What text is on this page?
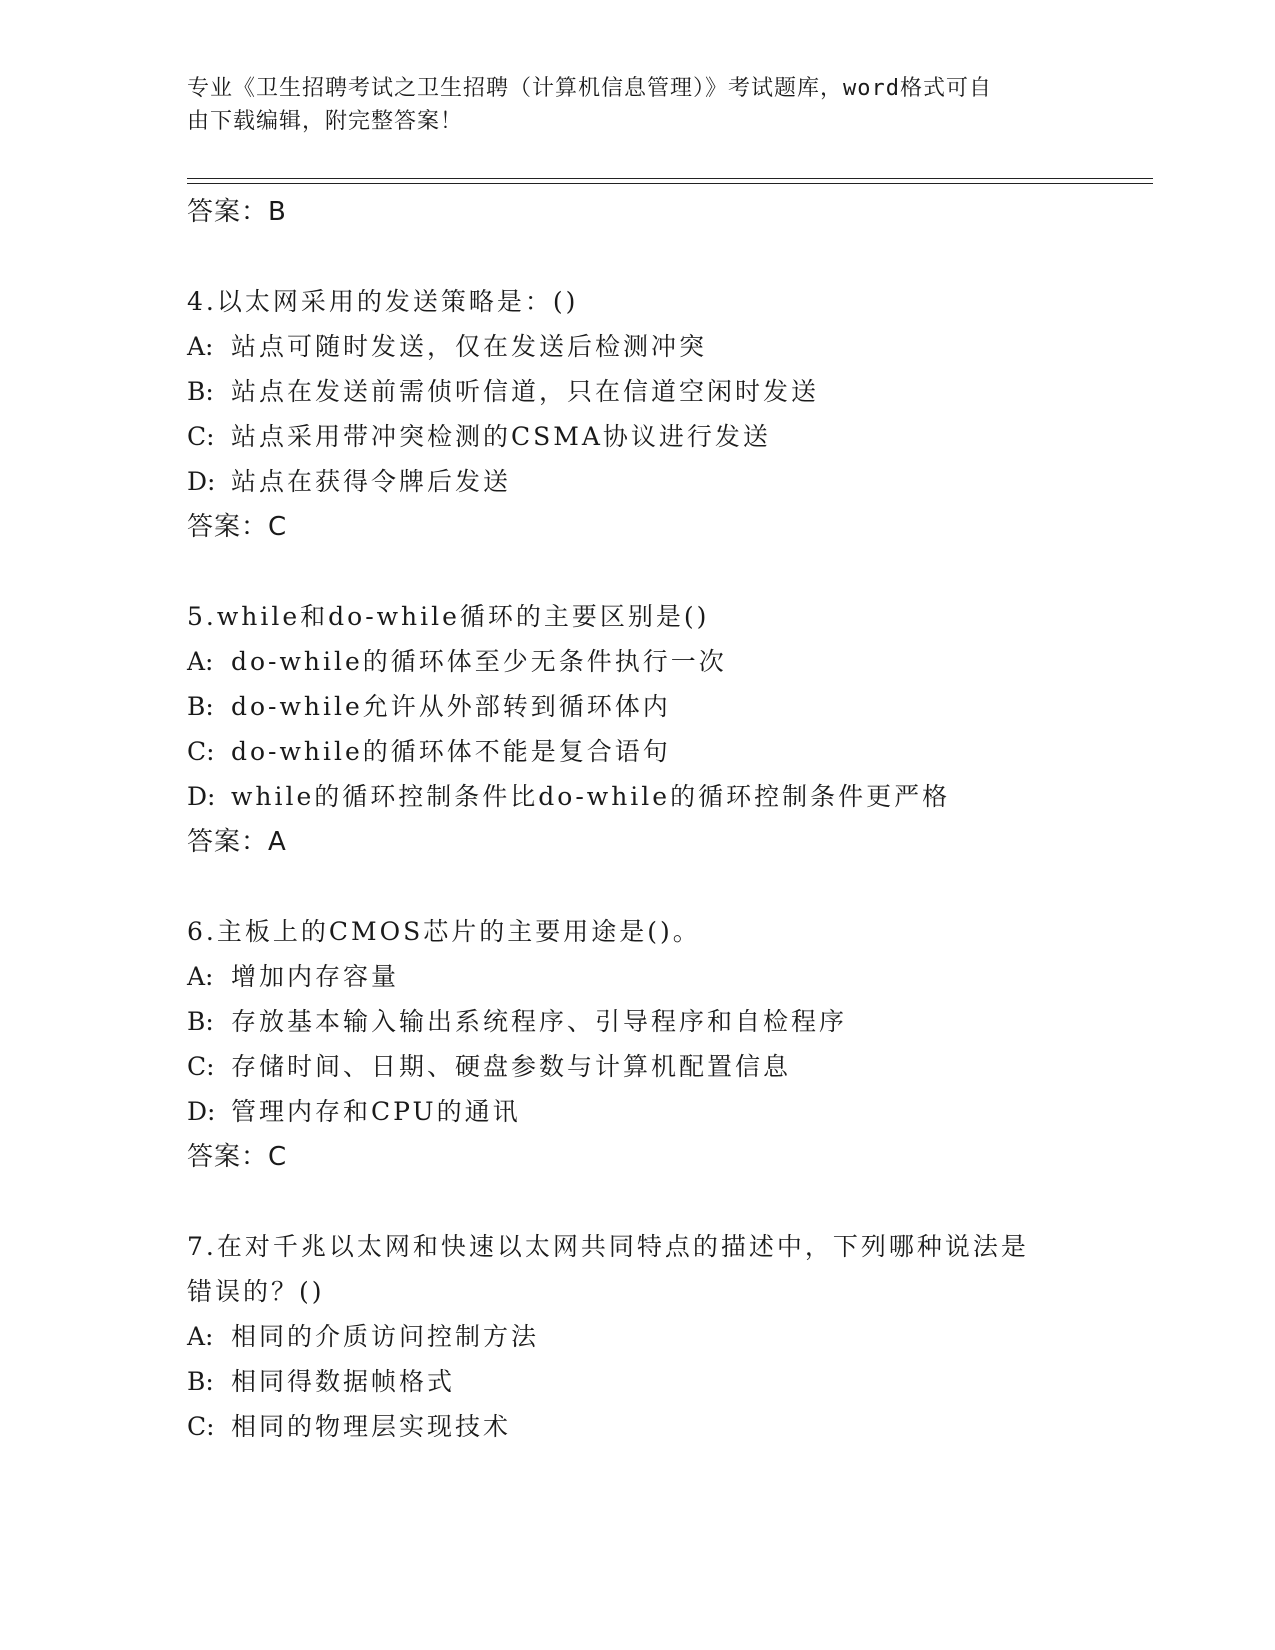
专业《卫生招聘考试之卫生招聘（计算机信息管理）》考试题库，word格式可自
由下载编辑，附完整答案！
答案：B
4.以太网采用的发送策略是：()
A: 站点可随时发送，仅在发送后检测冲突
B: 站点在发送前需侦听信道，只在信道空闲时发送
C: 站点采用带冲突检测的CSMA协议进行发送
D: 站点在获得令牌后发送
答案：C
5.while和do-while循环的主要区别是()
A: do-while的循环体至少无条件执行一次
B: do-while允许从外部转到循环体内
C: do-while的循环体不能是复合语句
D: while的循环控制条件比do-while的循环控制条件更严格
答案：A
6.主板上的CMOS芯片的主要用途是()。
A: 增加内存容量
B: 存放基本输入输出系统程序、引导程序和自检程序
C: 存储时间、日期、硬盘参数与计算机配置信息
D: 管理内存和CPU的通讯
答案：C
7.在对千兆以太网和快速以太网共同特点的描述中，下列哪种说法是
错误的？()
A: 相同的介质访问控制方法
B: 相同得数据帧格式
C: 相同的物理层实现技术
